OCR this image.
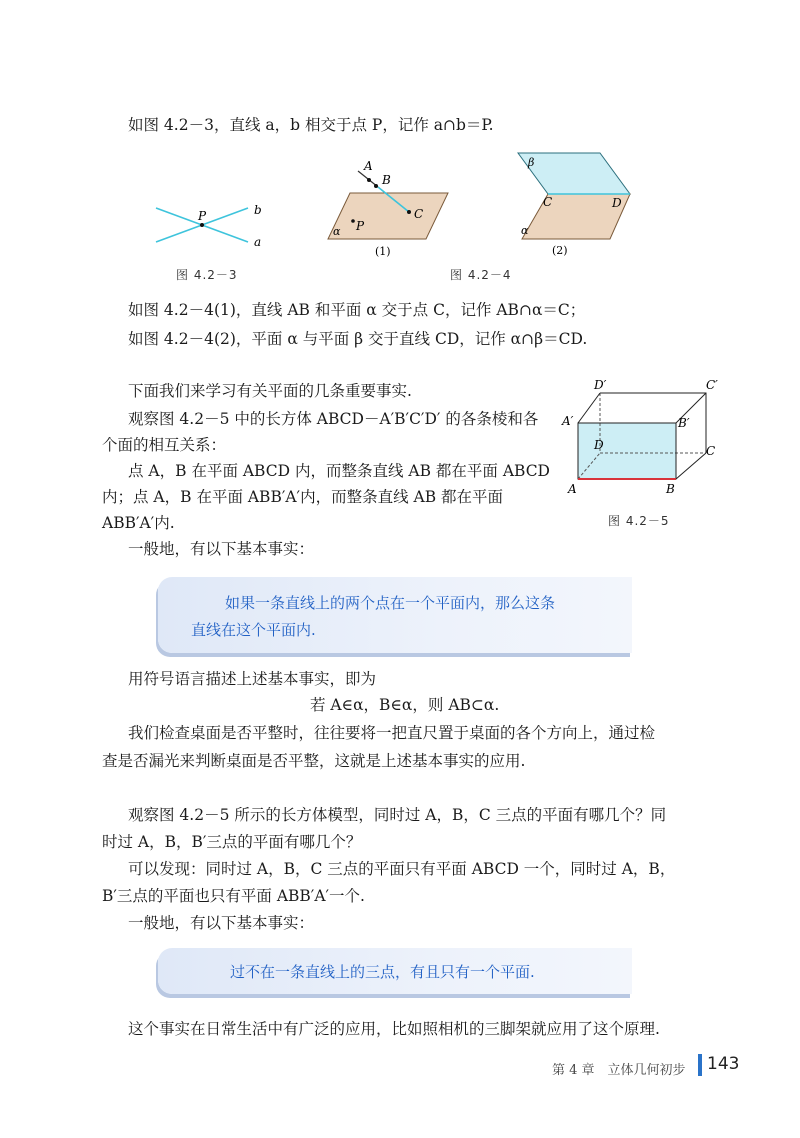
如图 4.2－3，直线 a，b 相交于点 P，记作 a∩b＝P.
P	b
a
图 4.2－3
A
B
C
P
α
(1)
β
C	D
α
(2)
图 4.2－4
如图 4.2－4(1)，直线 AB 和平面 α 交于点 C，记作 AB∩α＝C；
如图 4.2－4(2)，平面 α 与平面 β 交于直线 CD，记作 α∩β＝CD.
下面我们来学习有关平面的几条重要事实.
观察图 4.2－5 中的长方体 ABCD－A′B′C′D′ 的各条棱和各
个面的相互关系：
点 A，B 在平面 ABCD 内，而整条直线 AB 都在平面 ABCD
内；点 A，B 在平面 ABB′A′内，而整条直线 AB 都在平面
ABB′A′内.
D′	C′
A′	B′
D	C
A	B
图 4.2－5
一般地，有以下基本事实：
如果一条直线上的两个点在一个平面内，那么这条
直线在这个平面内.
用符号语言描述上述基本事实，即为
若 A∈α，B∈α，则 AB⊂α.
我们检查桌面是否平整时，往往要将一把直尺置于桌面的各个方向上，通过检
查是否漏光来判断桌面是否平整，这就是上述基本事实的应用.
观察图 4.2－5 所示的长方体模型，同时过 A，B，C 三点的平面有哪几个？同
时过 A，B，B′三点的平面有哪几个？
可以发现：同时过 A，B，C 三点的平面只有平面 ABCD 一个，同时过 A，B，
B′三点的平面也只有平面 ABB′A′一个.
一般地，有以下基本事实：
过不在一条直线上的三点，有且只有一个平面.
这个事实在日常生活中有广泛的应用，比如照相机的三脚架就应用了这个原理.
第 4 章　立体几何初步 143
